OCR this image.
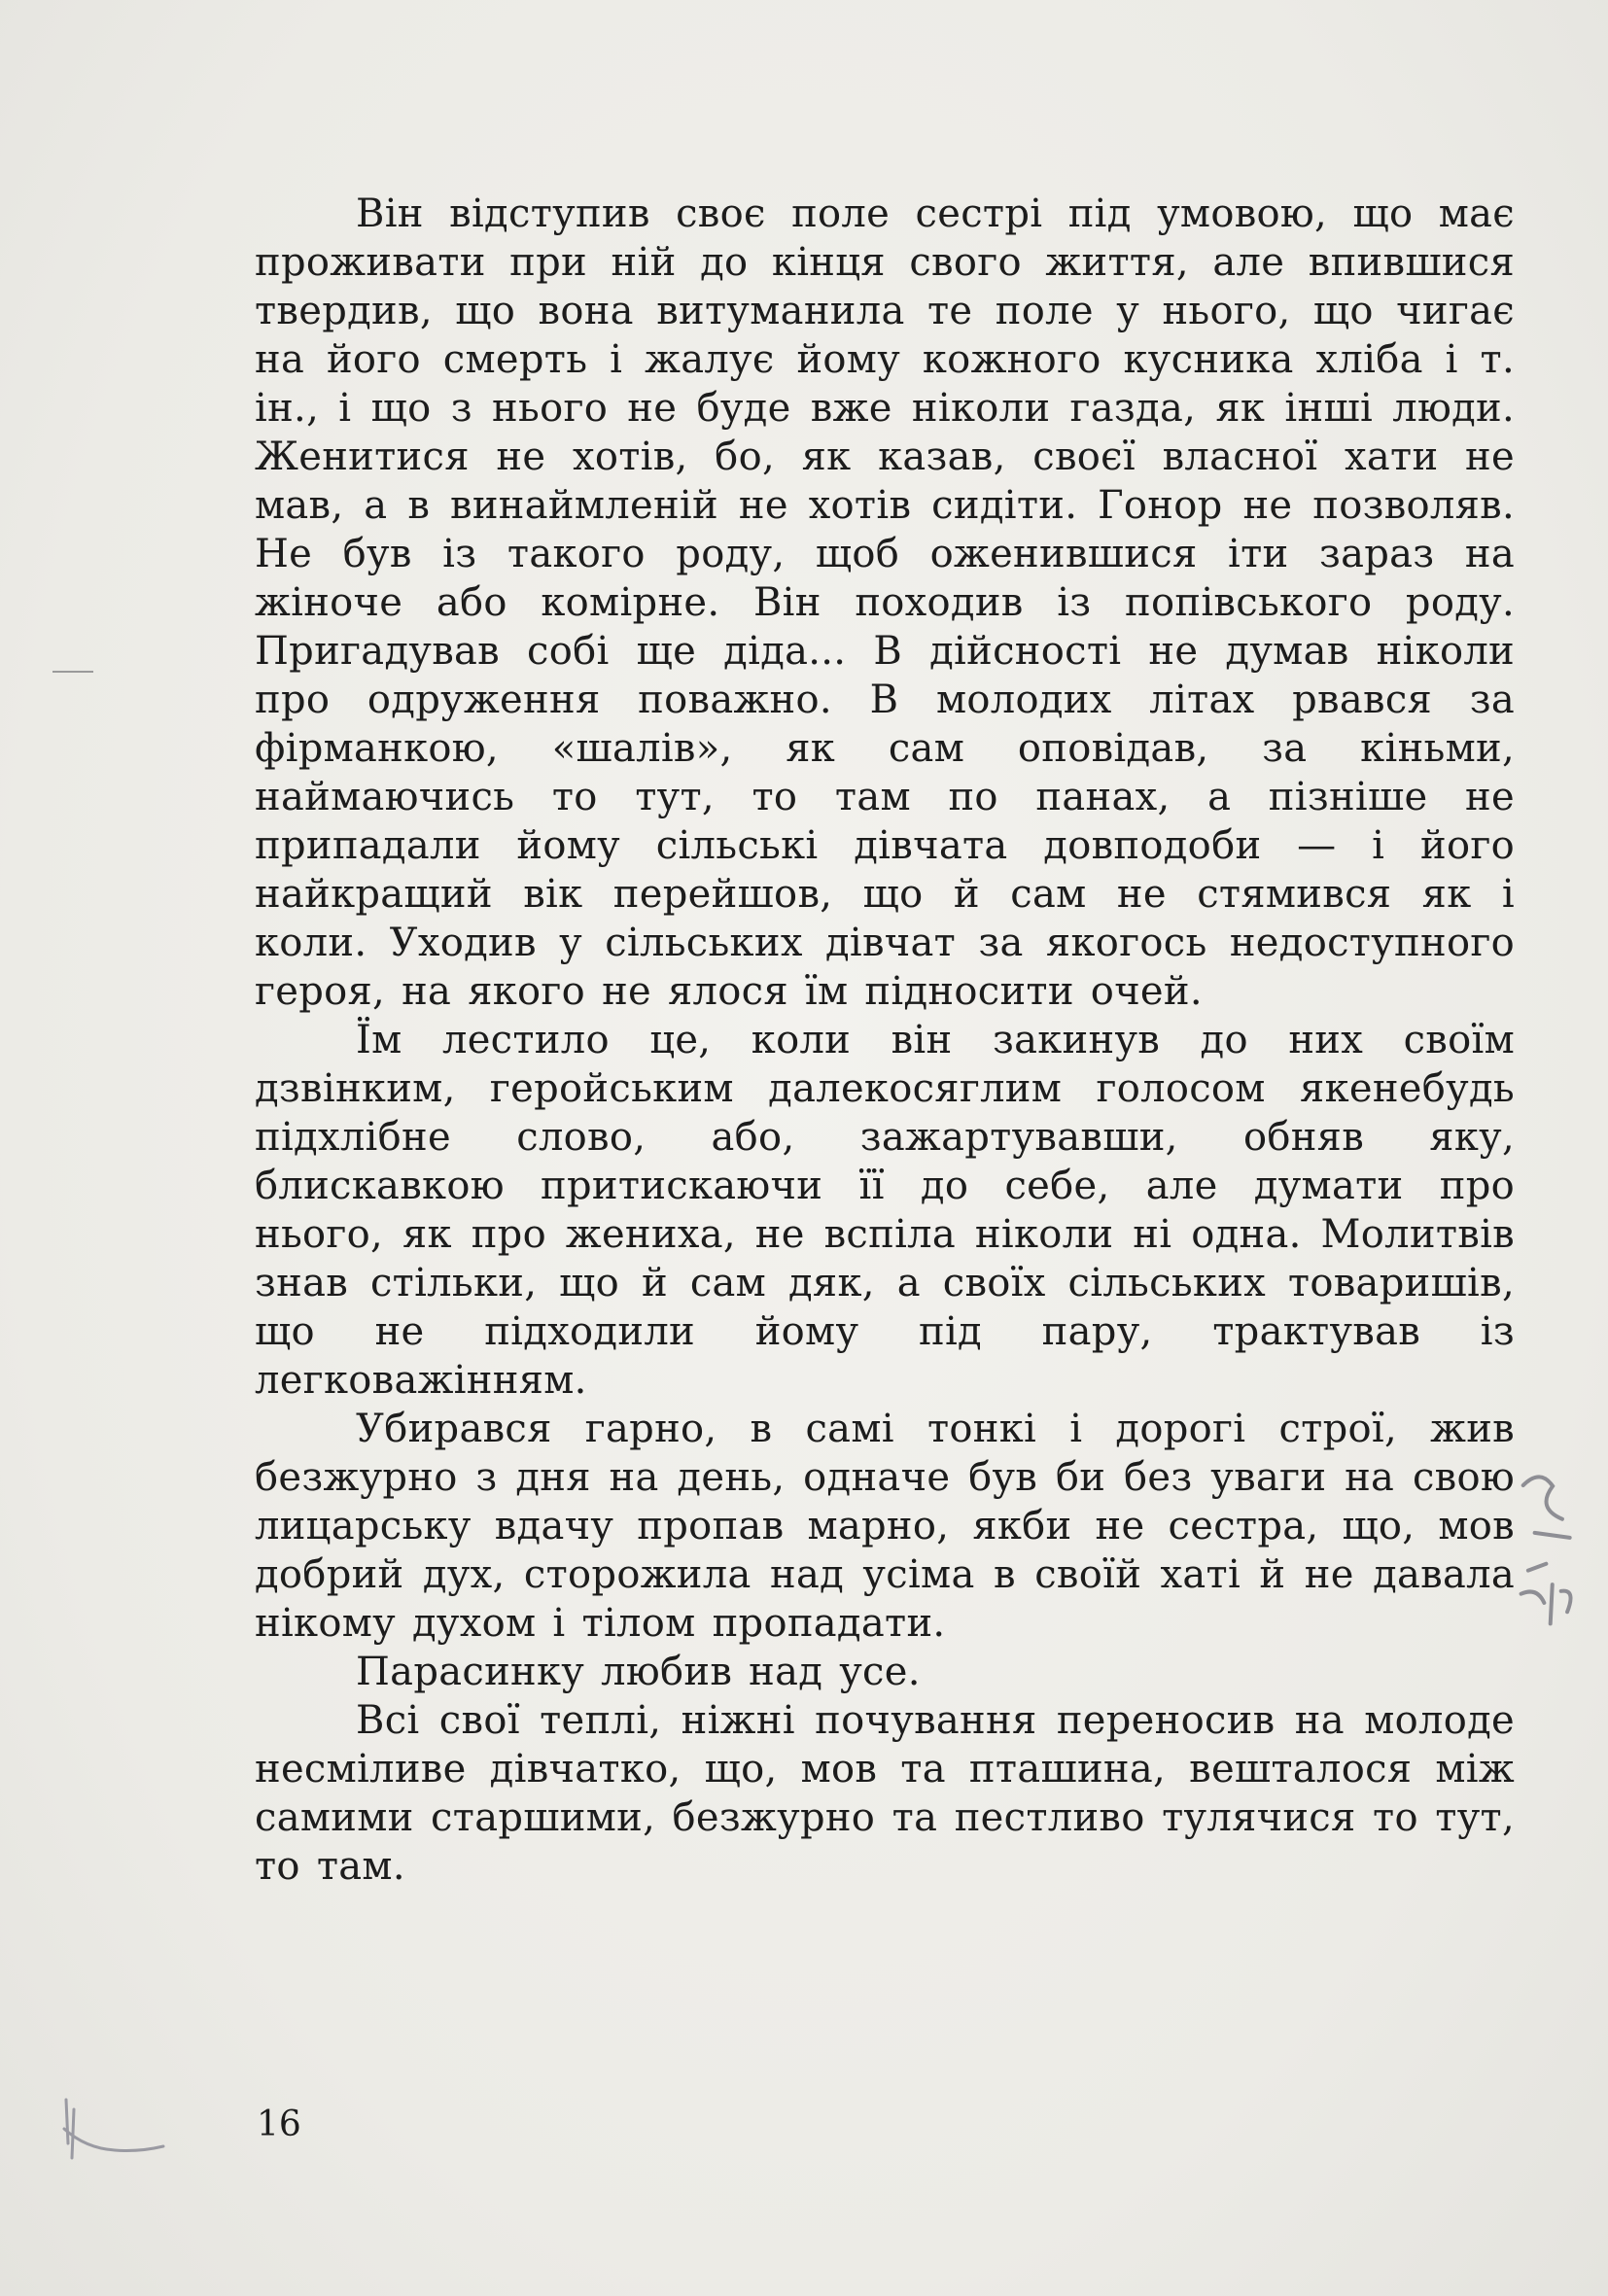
Він відступив своє поле сестрі під умовою, що має проживати при ній до кінця свого життя, але впившися твердив, що вона витуманила те поле у нього, що чигає на його смерть і жалує йому кожного кусника хліба і т. ін., і що з нього не буде вже ніколи газда, як інші люди. Женитися не хотів, бо, як казав, своєї власної хати не мав, а в винаймленій не хотів сидіти. Гонор не позволяв. Не був із такого роду, щоб оженившися іти зараз на жіноче або комірне. Він походив із попівського роду. Пригадував собі ще діда... В дійсності не думав ніколи про одруження поважно. В молодих літах рвався за фірманкою, «шалів», як сам оповідав, за кіньми, наймаючись то тут, то там по панах, а пізніше не припадали йому сільські дівчата довподоби — і його найкращий вік перейшов, що й сам не стямився як і коли. Уходив у сільських дівчат за якогось недоступного героя, на якого не ялося їм підносити очей.

Їм лестило це, коли він закинув до них своїм дзвінким, геройським далекосяглим голосом якенебудь підхлібне слово, або, зажартувавши, обняв яку, блискавкою притискаючи її до себе, але думати про нього, як про жениха, не вспіла ніколи ні одна. Молитвів знав стільки, що й сам дяк, а своїх сільських товаришів, що не підходили йому під пару, трактував із легковажінням.

Убирався гарно, в самі тонкі і дорогі строї, жив безжурно з дня на день, одначе був би без уваги на свою лицарську вдачу пропав марно, якби не сестра, що, мов добрий дух, сторожила над усіма в своїй хаті й не давала нікому духом і тілом пропадати.

Парасинку любив над усе.

Всі свої теплі, ніжні почування переносив на молоде несміливе дівчатко, що, мов та пташина, вешталося між самими старшими, безжурно та пестливо тулячися то тут, то там.

16
